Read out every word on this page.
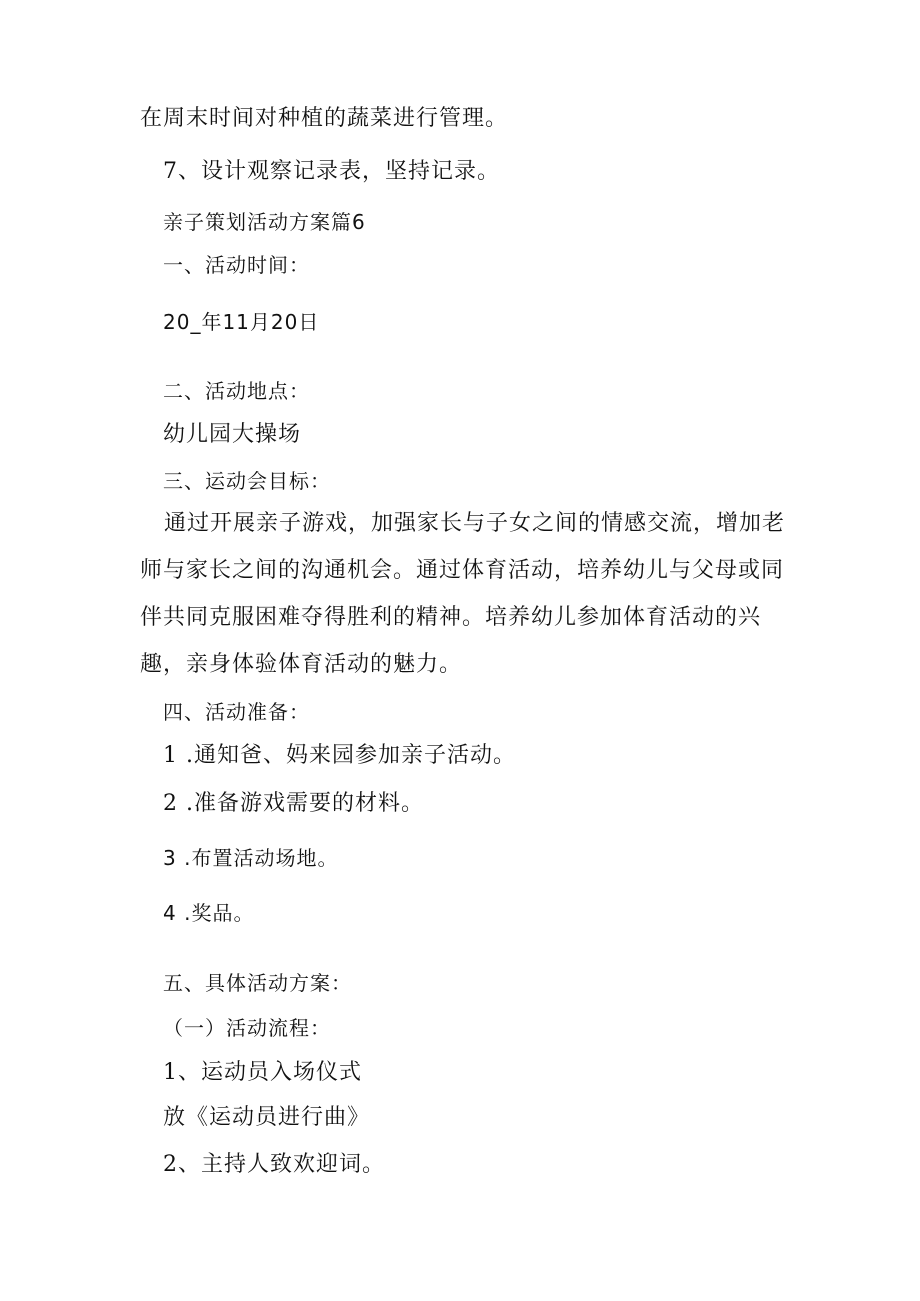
在周末时间对种植的蔬菜进行管理。
7、设计观察记录表，坚持记录。
亲子策划活动方案篇6
一、活动时间：
20_年11月20日
二、活动地点：
幼儿园大操场
三、运动会目标：
通过开展亲子游戏，加强家长与子女之间的情感交流，增加老师与家长之间的沟通机会。通过体育活动，培养幼儿与父母或同伴共同克服困难夺得胜利的精神。培养幼儿参加体育活动的兴趣，亲身体验体育活动的魅力。
四、活动准备：
1 .通知爸、妈来园参加亲子活动。
2 .准备游戏需要的材料。
3 .布置活动场地。
4 .奖品。
五、具体活动方案：
（一）活动流程：
1、运动员入场仪式
放《运动员进行曲》
2、主持人致欢迎词。
